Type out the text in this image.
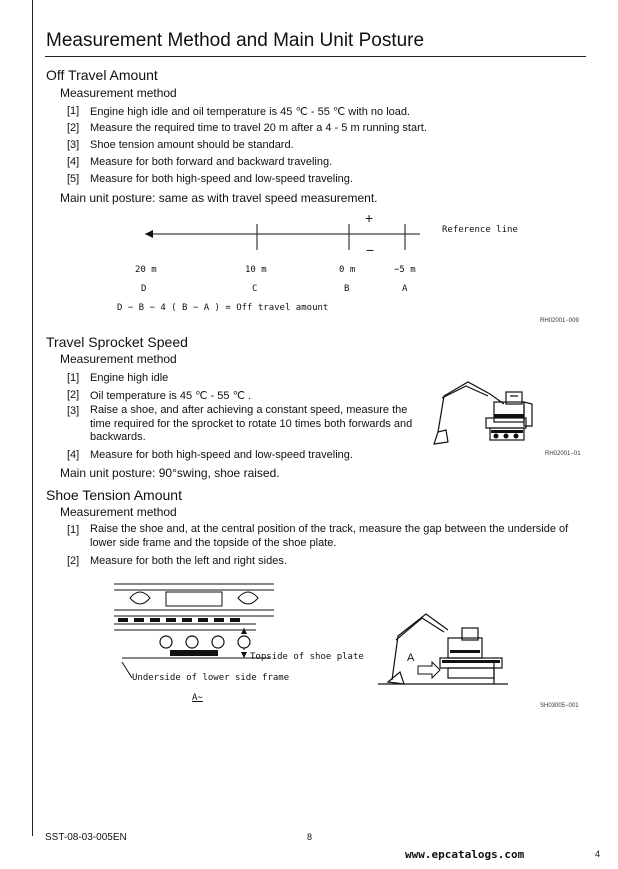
Measurement Method and Main Unit Posture
Off Travel Amount
Measurement method
[1] Engine high idle and oil temperature is 45 ℃ - 55 ℃ with no load.
[2] Measure the required time to travel 20 m after a 4 - 5 m running start.
[3] Shoe tension amount should be standard.
[4] Measure for both forward and backward traveling.
[5] Measure for both high-speed and low-speed traveling.
Main unit posture: same as with travel speed measurement.
+
−
Reference line
20 m	10 m	0 m	−5 m
D	C	B	A
D − B − 4 ( B − A ) = Off travel amount
RH02001−009
Travel Sprocket Speed
Measurement method
[1] Engine high idle
[2] Oil temperature is 45 ℃ - 55 ℃ .
[3] Raise a shoe, and after achieving a constant speed, measure the time required for the sprocket to rotate 10 times both forwards and backwards.
[4] Measure for both high-speed and low-speed traveling.
Main unit posture: 90°swing, shoe raised.
RH02001−01
Shoe Tension Amount
Measurement method
[1] Raise the shoe and, at the central position of the track, measure the gap between the underside of lower side frame and the topside of the shoe plate.
[2] Measure for both the left and right sides.
Topside of shoe plate
Underside of lower side frame
A∼
A
SH03005−001
SST-08-03-005EN	8
www.epcatalogs.com	4
